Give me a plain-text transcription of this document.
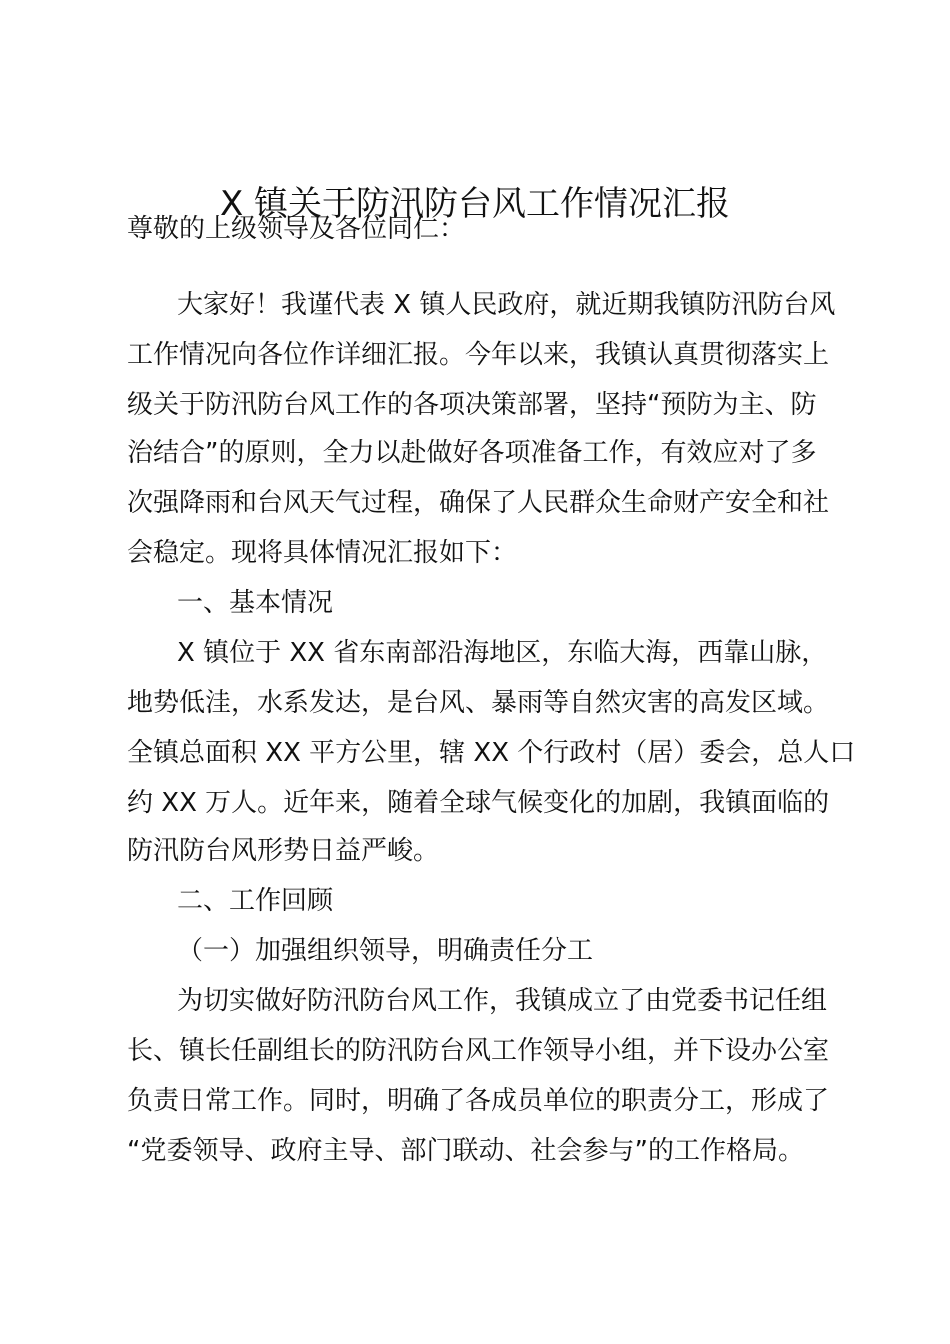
X 镇关于防汛防台风工作情况汇报

尊敬的上级领导及各位同仁：

大家好！我谨代表 X 镇人民政府，就近期我镇防汛防台风

工作情况向各位作详细汇报。今年以来，我镇认真贯彻落实上

级关于防汛防台风工作的各项决策部署，坚持“预防为主、防

治结合”的原则，全力以赴做好各项准备工作，有效应对了多

次强降雨和台风天气过程，确保了人民群众生命财产安全和社

会稳定。现将具体情况汇报如下：

一、基本情况

X 镇位于 XX 省东南部沿海地区，东临大海，西靠山脉，

地势低洼，水系发达，是台风、暴雨等自然灾害的高发区域。

全镇总面积 XX 平方公里，辖 XX 个行政村（居）委会，总人口

约 XX 万人。近年来，随着全球气候变化的加剧，我镇面临的

防汛防台风形势日益严峻。

二、工作回顾

（一）加强组织领导，明确责任分工

为切实做好防汛防台风工作，我镇成立了由党委书记任组

长、镇长任副组长的防汛防台风工作领导小组，并下设办公室

负责日常工作。同时，明确了各成员单位的职责分工，形成了

“党委领导、政府主导、部门联动、社会参与”的工作格局。
